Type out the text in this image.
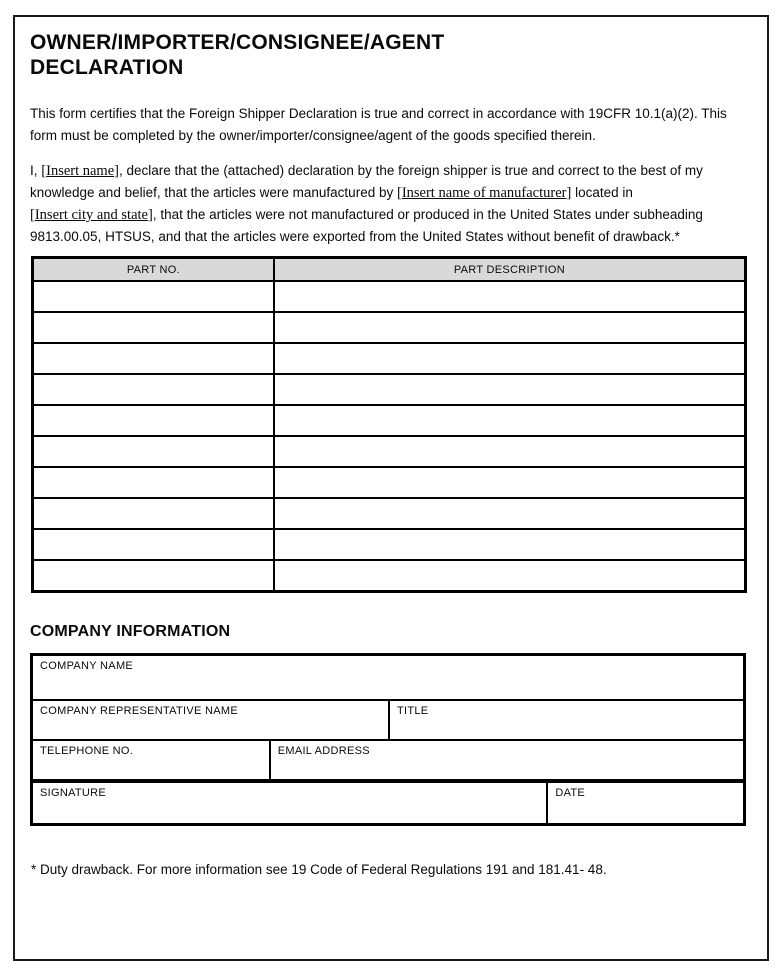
OWNER/IMPORTER/CONSIGNEE/AGENT
DECLARATION

This form certifies that the Foreign Shipper Declaration is true and correct in accordance with 19CFR 10.1(a)(2). This form must be completed by the owner/importer/consignee/agent of the goods specified therein.

I, [Insert name], declare that the (attached) declaration by the foreign shipper is true and correct to the best of my knowledge and belief, that the articles were manufactured by [Insert name of manufacturer] located in [Insert city and state], that the articles were not manufactured or produced in the United States under subheading 9813.00.05, HTSUS, and that the articles were exported from the United States without benefit of drawback.*

PART NO.	PART DESCRIPTION

COMPANY INFORMATION
COMPANY NAME
COMPANY REPRESENTATIVE NAME	TITLE
TELEPHONE NO.	EMAIL ADDRESS
SIGNATURE	DATE

* Duty drawback. For more information see 19 Code of Federal Regulations 191 and 181.41- 48.
